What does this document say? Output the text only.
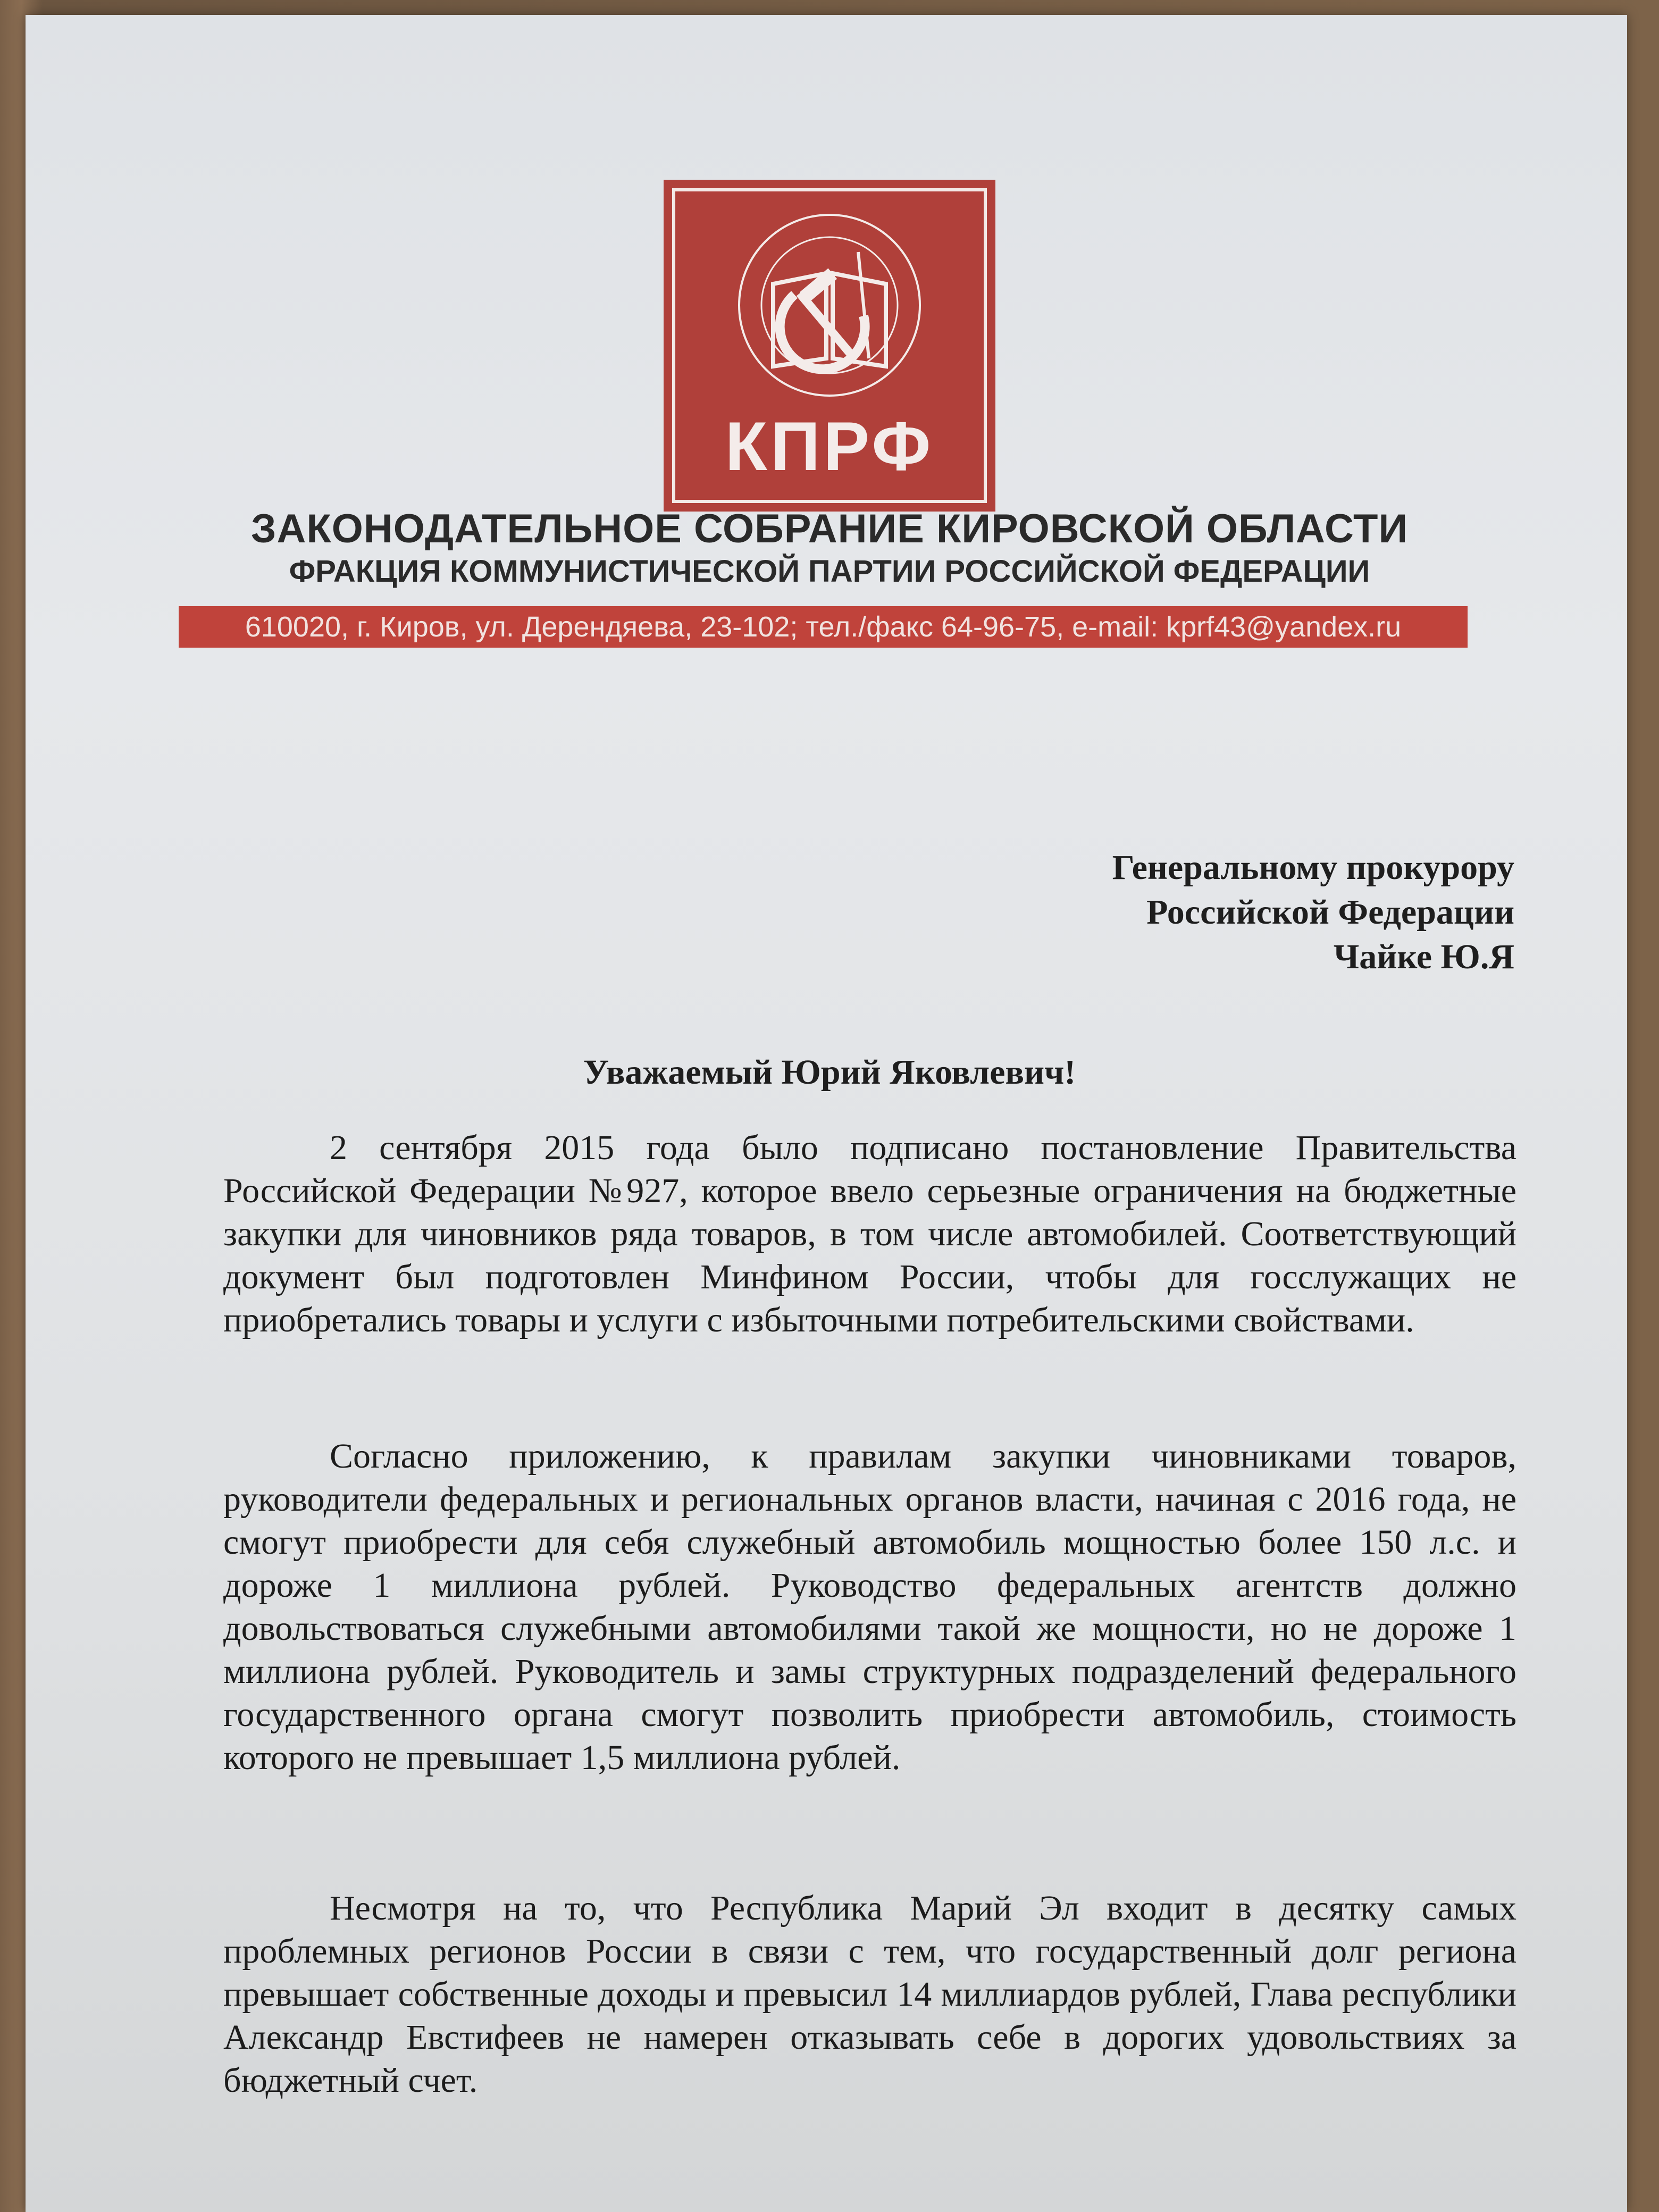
КПРФ
ЗАКОНОДАТЕЛЬНОЕ СОБРАНИЕ КИРОВСКОЙ ОБЛАСТИ
ФРАКЦИЯ КОММУНИСТИЧЕСКОЙ ПАРТИИ РОССИЙСКОЙ ФЕДЕРАЦИИ
610020, г. Киров, ул. Дерендяева, 23-102; тел./факс 64-96-75, e-mail: kprf43@yandex.ru
Генеральному прокурору
Российской Федерации
Чайке Ю.Я
Уважаемый Юрий Яковлевич!
2 сентября 2015 года было подписано постановление Правительства Российской Федерации №927, которое ввело серьезные ограничения на бюджетные закупки для чиновников ряда товаров, в том числе автомобилей. Соответствующий документ был подготовлен Минфином России, чтобы для госслужащих не приобретались товары и услуги с избыточными потребительскими свойствами.
Согласно приложению, к правилам закупки чиновниками товаров, руководители федеральных и региональных органов власти, начиная с 2016 года, не смогут приобрести для себя служебный автомобиль мощностью более 150 л.с. и дороже 1 миллиона рублей. Руководство федеральных агентств должно довольствоваться служебными автомобилями такой же мощности, но не дороже 1 миллиона рублей. Руководитель и замы структурных подразделений федерального государственного органа смогут позволить приобрести автомобиль, стоимость которого не превышает 1,5 миллиона рублей.
Несмотря на то, что Республика Марий Эл входит в десятку самых проблемных регионов России в связи с тем, что государственный долг региона превышает собственные доходы и превысил 14 миллиардов рублей, Глава республики Александр Евстифеев не намерен отказывать себе в дорогих удовольствиях за бюджетный счет.
